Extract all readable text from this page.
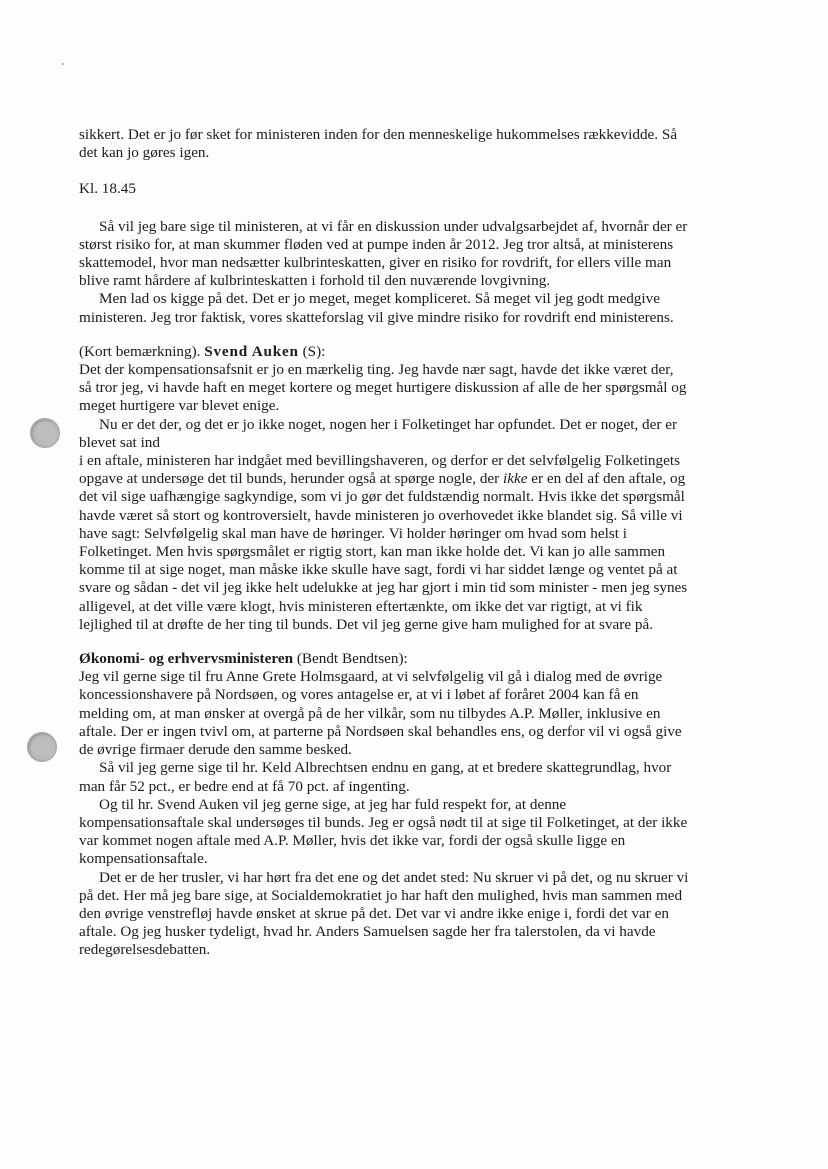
sikkert. Det er jo før sket for ministeren inden for den menneskelige hukommelses rækkevidde. Så
det kan jo gøres igen.
Kl. 18.45
Så vil jeg bare sige til ministeren, at vi får en diskussion under udvalgsarbejdet af, hvornår der er
størst risiko for, at man skummer fløden ved at pumpe inden år 2012. Jeg tror altså, at ministerens
skattemodel, hvor man nedsætter kulbrinteskatten, giver en risiko for rovdrift, for ellers ville man
blive ramt hårdere af kulbrinteskatten i forhold til den nuværende lovgivning.
Men lad os kigge på det. Det er jo meget, meget kompliceret. Så meget vil jeg godt medgive
ministeren. Jeg tror faktisk, vores skatteforslag vil give mindre risiko for rovdrift end ministerens.
(Kort bemærkning). Svend Auken (S):
Det der kompensationsafsnit er jo en mærkelig ting. Jeg havde nær sagt, havde det ikke været der,
så tror jeg, vi havde haft en meget kortere og meget hurtigere diskussion af alle de her spørgsmål og
meget hurtigere var blevet enige.
Nu er det der, og det er jo ikke noget, nogen her i Folketinget har opfundet. Det er noget, der er
blevet sat ind
i en aftale, ministeren har indgået med bevillingshaveren, og derfor er det selvfølgelig Folketingets
opgave at undersøge det til bunds, herunder også at spørge nogle, der ikke er en del af den aftale, og
det vil sige uafhængige sagkyndige, som vi jo gør det fuldstændig normalt. Hvis ikke det spørgsmål
havde været så stort og kontroversielt, havde ministeren jo overhovedet ikke blandet sig. Så ville vi
have sagt: Selvfølgelig skal man have de høringer. Vi holder høringer om hvad som helst i
Folketinget. Men hvis spørgsmålet er rigtig stort, kan man ikke holde det. Vi kan jo alle sammen
komme til at sige noget, man måske ikke skulle have sagt, fordi vi har siddet længe og ventet på at
svare og sådan - det vil jeg ikke helt udelukke at jeg har gjort i min tid som minister - men jeg synes
alligevel, at det ville være klogt, hvis ministeren eftertænkte, om ikke det var rigtigt, at vi fik
lejlighed til at drøfte de her ting til bunds. Det vil jeg gerne give ham mulighed for at svare på.
Økonomi- og erhvervsministeren (Bendt Bendtsen):
Jeg vil gerne sige til fru Anne Grete Holmsgaard, at vi selvfølgelig vil gå i dialog med de øvrige
koncessionshavere på Nordsøen, og vores antagelse er, at vi i løbet af foråret 2004 kan få en
melding om, at man ønsker at overgå på de her vilkår, som nu tilbydes A.P. Møller, inklusive en
aftale. Der er ingen tvivl om, at parterne på Nordsøen skal behandles ens, og derfor vil vi også give
de øvrige firmaer derude den samme besked.
Så vil jeg gerne sige til hr. Keld Albrechtsen endnu en gang, at et bredere skattegrundlag, hvor
man får 52 pct., er bedre end at få 70 pct. af ingenting.
Og til hr. Svend Auken vil jeg gerne sige, at jeg har fuld respekt for, at denne
kompensationsaftale skal undersøges til bunds. Jeg er også nødt til at sige til Folketinget, at der ikke
var kommet nogen aftale med A.P. Møller, hvis det ikke var, fordi der også skulle ligge en
kompensationsaftale.
Det er de her trusler, vi har hørt fra det ene og det andet sted: Nu skruer vi på det, og nu skruer vi
på det. Her må jeg bare sige, at Socialdemokratiet jo har haft den mulighed, hvis man sammen med
den øvrige venstrefløj havde ønsket at skrue på det. Det var vi andre ikke enige i, fordi det var en
aftale. Og jeg husker tydeligt, hvad hr. Anders Samuelsen sagde her fra talerstolen, da vi havde
redegørelsesdebatten.
